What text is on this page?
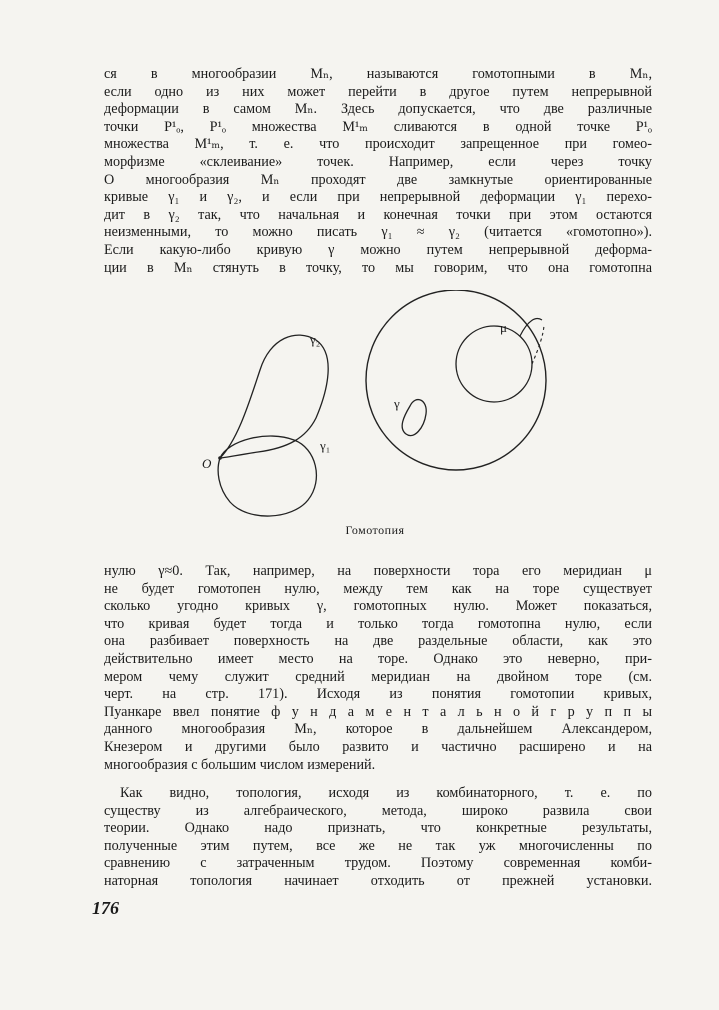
ся в многообразии Mₙ, называются гомотопными в Mₙ,
если одно из них может перейти в другое путем непрерывной
деформации в самом Mₙ. Здесь допускается, что две различные
точки P¹ₒ, P¹ₒ множества M¹ₘ сливаются в одной точке P¹ₒ
множества M¹ₘ, т. е. что происходит запрещенное при гомео-
морфизме «склеивание» точек. Например, если через точку
O многообразия Mₙ проходят две замкнутые ориентированные
кривые γ₁ и γ₂, и если при непрерывной деформации γ₁ перехо-
дит в γ₂ так, что начальная и конечная точки при этом остаются
неизменными, то можно писать γ₁ ≈ γ₂ (читается «гомотопно»).
Если какую-либо кривую γ можно путем непрерывной деформа-
ции в Mₙ стянуть в точку, то мы говорим, что она гомотопна
γ₂
γ₁
O
μ
γ
Гомотопия
нулю γ≈0. Так, например, на поверхности тора его меридиан μ
не будет гомотопен нулю, между тем как на торе существует
сколько угодно кривых γ, гомотопных нулю. Может показаться,
что кривая будет тогда и только тогда гомотопна нулю, если
она разбивает поверхность на две раздельные области, как это
действительно имеет место на торе. Однако это неверно, при-
мером чему служит средний меридиан на двойном торе (см.
черт. на стр. 171). Исходя из понятия гомотопии кривых,
Пуанкаре ввел понятие ф у н д а м е н т а л ь н о й г р у п п ы
данного многообразия Mₙ, которое в дальнейшем Александером,
Кнезером и другими было развито и частично расширено и на
многообразия с большим числом измерений.
Как видно, топология, исходя из комбинаторного, т. е. по
существу из алгебраического, метода, широко развила свои
теории. Однако надо признать, что конкретные результаты,
полученные этим путем, все же не так уж многочисленны по
сравнению с затраченным трудом. Поэтому современная комби-
наторная топология начинает отходить от прежней установки.
176
